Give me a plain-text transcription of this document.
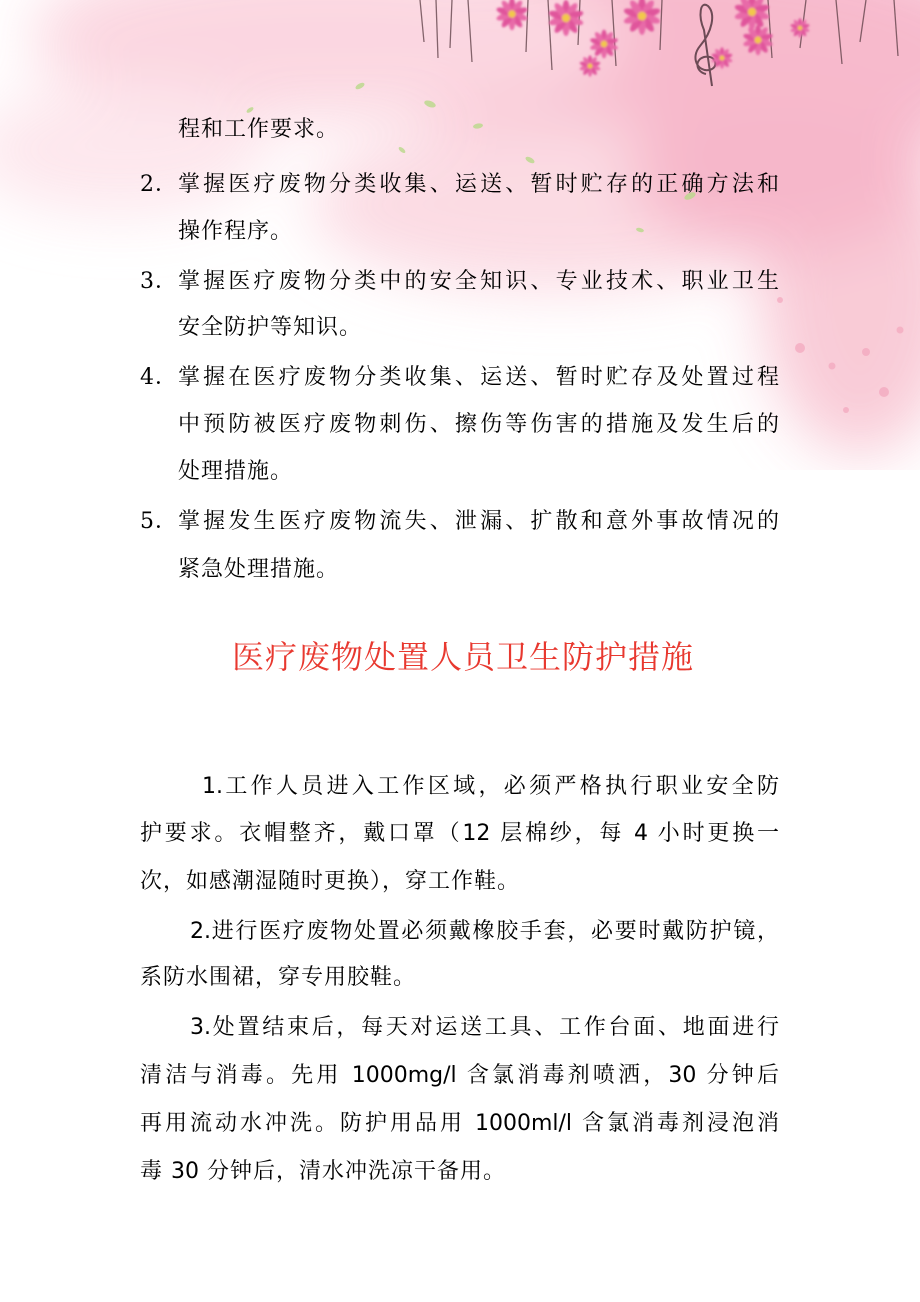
程和工作要求。
2． 掌握医疗废物分类收集、运送、暂时贮存的正确方法和
操作程序。
3． 掌握医疗废物分类中的安全知识、专业技术、职业卫生
安全防护等知识。
4． 掌握在医疗废物分类收集、运送、暂时贮存及处置过程
中预防被医疗废物刺伤、擦伤等伤害的措施及发生后的
处理措施。
5． 掌握发生医疗废物流失、泄漏、扩散和意外事故情况的
紧急处理措施。
医疗废物处置人员卫生防护措施
1.工作人员进入工作区域，必须严格执行职业安全防
护要求。衣帽整齐，戴口罩（12 层棉纱，每 4 小时更换一
次，如感潮湿随时更换），穿工作鞋。
2.进行医疗废物处置必须戴橡胶手套，必要时戴防护镜，
系防水围裙，穿专用胶鞋。
3.处置结束后，每天对运送工具、工作台面、地面进行
清洁与消毒。先用 1000mg/l 含氯消毒剂喷洒，30 分钟后
再用流动水冲洗。防护用品用 1000ml/l 含氯消毒剂浸泡消
毒 30 分钟后，清水冲洗凉干备用。
